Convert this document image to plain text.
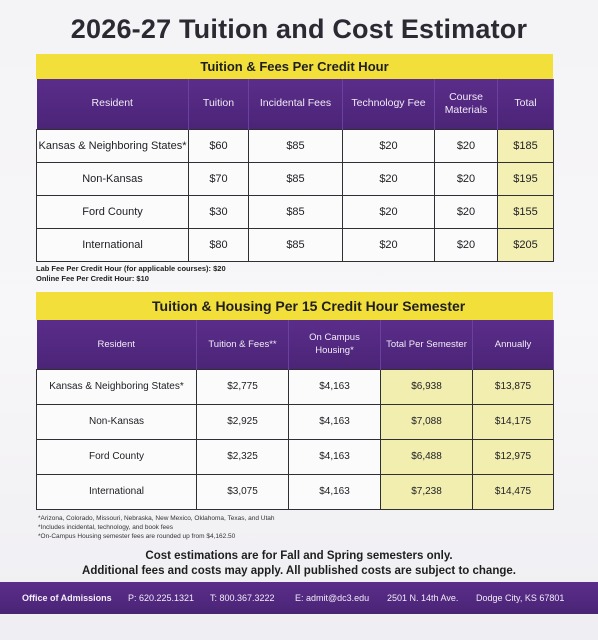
2026-27 Tuition and Cost Estimator
Tuition & Fees Per Credit Hour
Resident	Tuition	Incidental Fees	Technology Fee	Course Materials	Total
Kansas & Neighboring States*	$60	$85	$20	$20	$185
Non-Kansas	$70	$85	$20	$20	$195
Ford County	$30	$85	$20	$20	$155
International	$80	$85	$20	$20	$205
Lab Fee Per Credit Hour (for applicable courses): $20
Online Fee Per Credit Hour: $10
Tuition & Housing Per 15 Credit Hour Semester
Resident	Tuition & Fees**	On Campus Housing*	Total Per Semester	Annually
Kansas & Neighboring States*	$2,775	$4,163	$6,938	$13,875
Non-Kansas	$2,925	$4,163	$7,088	$14,175
Ford County	$2,325	$4,163	$6,488	$12,975
International	$3,075	$4,163	$7,238	$14,475
*Arizona, Colorado, Missouri, Nebraska, New Mexico, Oklahoma, Texas, and Utah
*Includes incidental, technology, and book fees
*On-Campus Housing semester fees are rounded up from $4,162.50
Cost estimations are for Fall and Spring semesters only.
Additional fees and costs may apply. All published costs are subject to change.
Office of Admissions P: 620.225.1321 T: 800.367.3222 E: admit@dc3.edu 2501 N. 14th Ave. Dodge City, KS 67801
